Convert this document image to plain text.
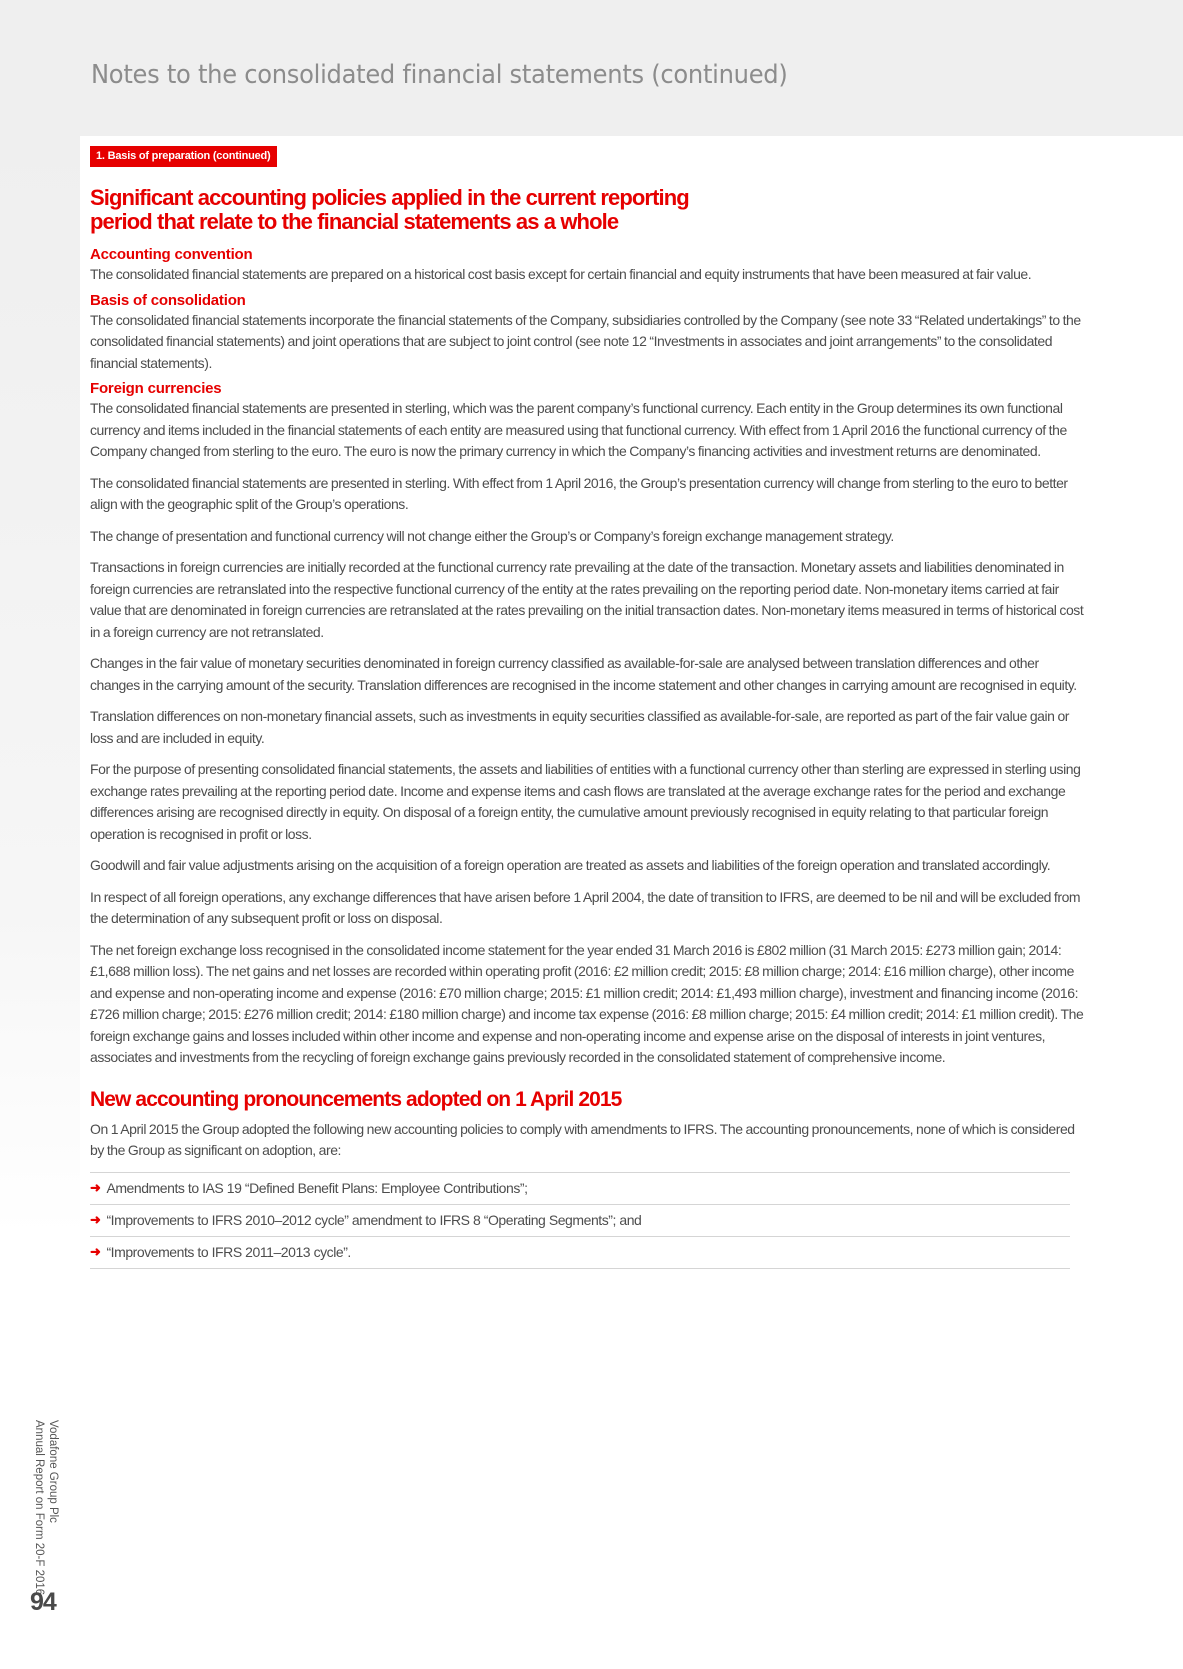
Notes to the consolidated financial statements (continued)
1. Basis of preparation (continued)
Significant accounting policies applied in the current reporting
period that relate to the financial statements as a whole
Accounting convention

The consolidated financial statements are prepared on a historical cost basis except for certain financial and equity instruments that have been measured at fair value.

Basis of consolidation

The consolidated financial statements incorporate the financial statements of the Company, subsidiaries controlled by the Company (see note 33 “Related undertakings” to the consolidated financial statements) and joint operations that are subject to joint control (see note 12 “Investments in associates and joint arrangements” to the consolidated financial statements).

Foreign currencies

The consolidated financial statements are presented in sterling, which was the parent company’s functional currency. Each entity in the Group determines its own functional currency and items included in the financial statements of each entity are measured using that functional currency. With effect from 1 April 2016 the functional currency of the Company changed from sterling to the euro. The euro is now the primary currency in which the Company’s financing activities and investment returns are denominated.

The consolidated financial statements are presented in sterling. With effect from 1 April 2016, the Group’s presentation currency will change from sterling to the euro to better align with the geographic split of the Group’s operations.

The change of presentation and functional currency will not change either the Group’s or Company’s foreign exchange management strategy.

Transactions in foreign currencies are initially recorded at the functional currency rate prevailing at the date of the transaction. Monetary assets and liabilities denominated in foreign currencies are retranslated into the respective functional currency of the entity at the rates prevailing on the reporting period date. Non-monetary items carried at fair value that are denominated in foreign currencies are retranslated at the rates prevailing on the initial transaction dates. Non-monetary items measured in terms of historical cost in a foreign currency are not retranslated.

Changes in the fair value of monetary securities denominated in foreign currency classified as available-for-sale are analysed between translation differences and other changes in the carrying amount of the security. Translation differences are recognised in the income statement and other changes in carrying amount are recognised in equity.

Translation differences on non-monetary financial assets, such as investments in equity securities classified as available-for-sale, are reported as part of the fair value gain or loss and are included in equity.

For the purpose of presenting consolidated financial statements, the assets and liabilities of entities with a functional currency other than sterling are expressed in sterling using exchange rates prevailing at the reporting period date. Income and expense items and cash flows are translated at the average exchange rates for the period and exchange differences arising are recognised directly in equity. On disposal of a foreign entity, the cumulative amount previously recognised in equity relating to that particular foreign operation is recognised in profit or loss.

Goodwill and fair value adjustments arising on the acquisition of a foreign operation are treated as assets and liabilities of the foreign operation and translated accordingly.

In respect of all foreign operations, any exchange differences that have arisen before 1 April 2004, the date of transition to IFRS, are deemed to be nil and will be excluded from the determination of any subsequent profit or loss on disposal.

The net foreign exchange loss recognised in the consolidated income statement for the year ended 31 March 2016 is £802 million (31 March 2015: £273 million gain; 2014: £1,688 million loss). The net gains and net losses are recorded within operating profit (2016: £2 million credit; 2015: £8 million charge; 2014: £16 million charge), other income and expense and non-operating income and expense (2016: £70 million charge; 2015: £1 million credit; 2014: £1,493 million charge), investment and financing income (2016: £726 million charge; 2015: £276 million credit; 2014: £180 million charge) and income tax expense (2016: £8 million charge; 2015: £4 million credit; 2014: £1 million credit). The foreign exchange gains and losses included within other income and expense and non-operating income and expense arise on the disposal of interests in joint ventures, associates and investments from the recycling of foreign exchange gains previously recorded in the consolidated statement of comprehensive income.

New accounting pronouncements adopted on 1 April 2015

On 1 April 2015 the Group adopted the following new accounting policies to comply with amendments to IFRS. The accounting pronouncements, none of which is considered by the Group as significant on adoption, are:

➜ Amendments to IAS 19 “Defined Benefit Plans: Employee Contributions”;
➜ “Improvements to IFRS 2010–2012 cycle” amendment to IFRS 8 “Operating Segments”; and
➜ “Improvements to IFRS 2011–2013 cycle”.
Vodafone Group Plc
Annual Report on Form 20-F 2016
94
